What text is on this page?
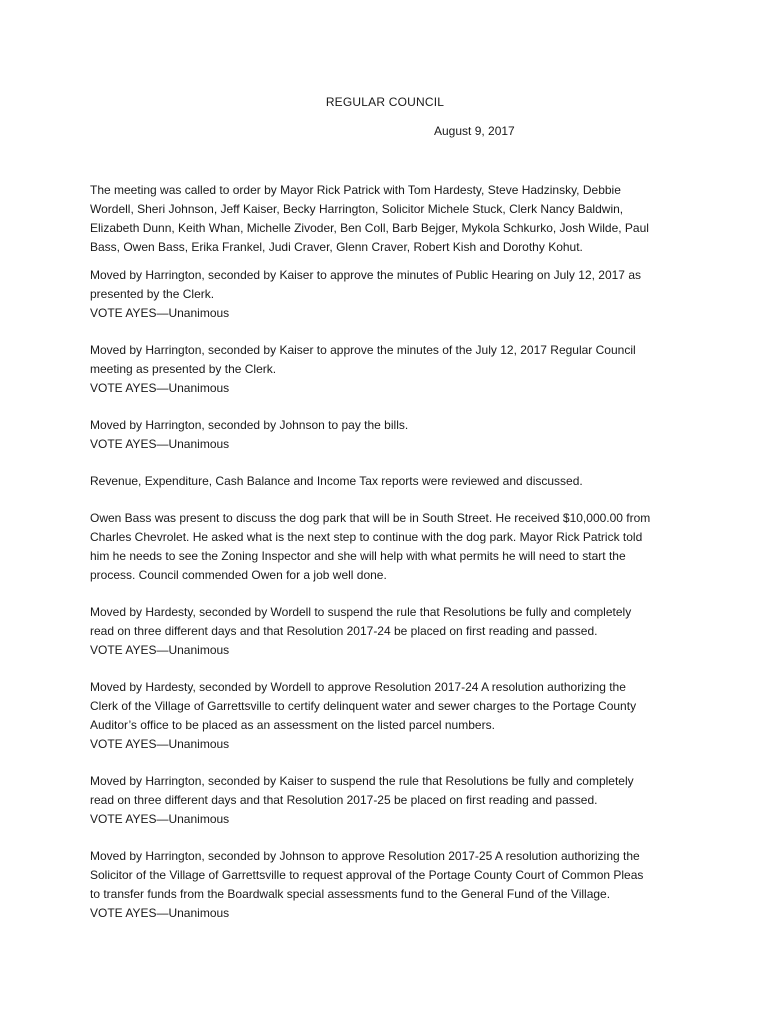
REGULAR COUNCIL
August 9, 2017
The meeting was called to order by Mayor Rick Patrick with Tom Hardesty, Steve Hadzinsky, Debbie
Wordell, Sheri Johnson, Jeff Kaiser, Becky Harrington, Solicitor Michele Stuck, Clerk Nancy Baldwin,
Elizabeth Dunn, Keith Whan, Michelle Zivoder, Ben Coll, Barb Bejger, Mykola Schkurko, Josh Wilde, Paul
Bass, Owen Bass, Erika Frankel, Judi Craver, Glenn Craver, Robert Kish and Dorothy Kohut.
Moved by Harrington, seconded by Kaiser to approve the minutes of Public Hearing on July 12, 2017 as
presented by the Clerk.
VOTE AYES—Unanimous
Moved by Harrington, seconded by Kaiser to approve the minutes of the July 12, 2017 Regular Council
meeting as presented by the Clerk.
VOTE AYES—Unanimous
Moved by Harrington, seconded by Johnson to pay the bills.
VOTE AYES—Unanimous
Revenue, Expenditure, Cash Balance and Income Tax reports were reviewed and discussed.
Owen Bass was present to discuss the dog park that will be in South Street. He received $10,000.00 from
Charles Chevrolet. He asked what is the next step to continue with the dog park. Mayor Rick Patrick told
him he needs to see the Zoning Inspector and she will help with what permits he will need to start the
process. Council commended Owen for a job well done.
Moved by Hardesty, seconded by Wordell to suspend the rule that Resolutions be fully and completely
read on three different days and that Resolution 2017-24 be placed on first reading and passed.
VOTE AYES—Unanimous
Moved by Hardesty, seconded by Wordell to approve Resolution 2017-24 A resolution authorizing the
Clerk of the Village of Garrettsville to certify delinquent water and sewer charges to the Portage County
Auditor’s office to be placed as an assessment on the listed parcel numbers.
VOTE AYES—Unanimous
Moved by Harrington, seconded by Kaiser to suspend the rule that Resolutions be fully and completely
read on three different days and that Resolution 2017-25 be placed on first reading and passed.
VOTE AYES—Unanimous
Moved by Harrington, seconded by Johnson to approve Resolution 2017-25 A resolution authorizing the
Solicitor of the Village of Garrettsville to request approval of the Portage County Court of Common Pleas
to transfer funds from the Boardwalk special assessments fund to the General Fund of the Village.
VOTE AYES—Unanimous
